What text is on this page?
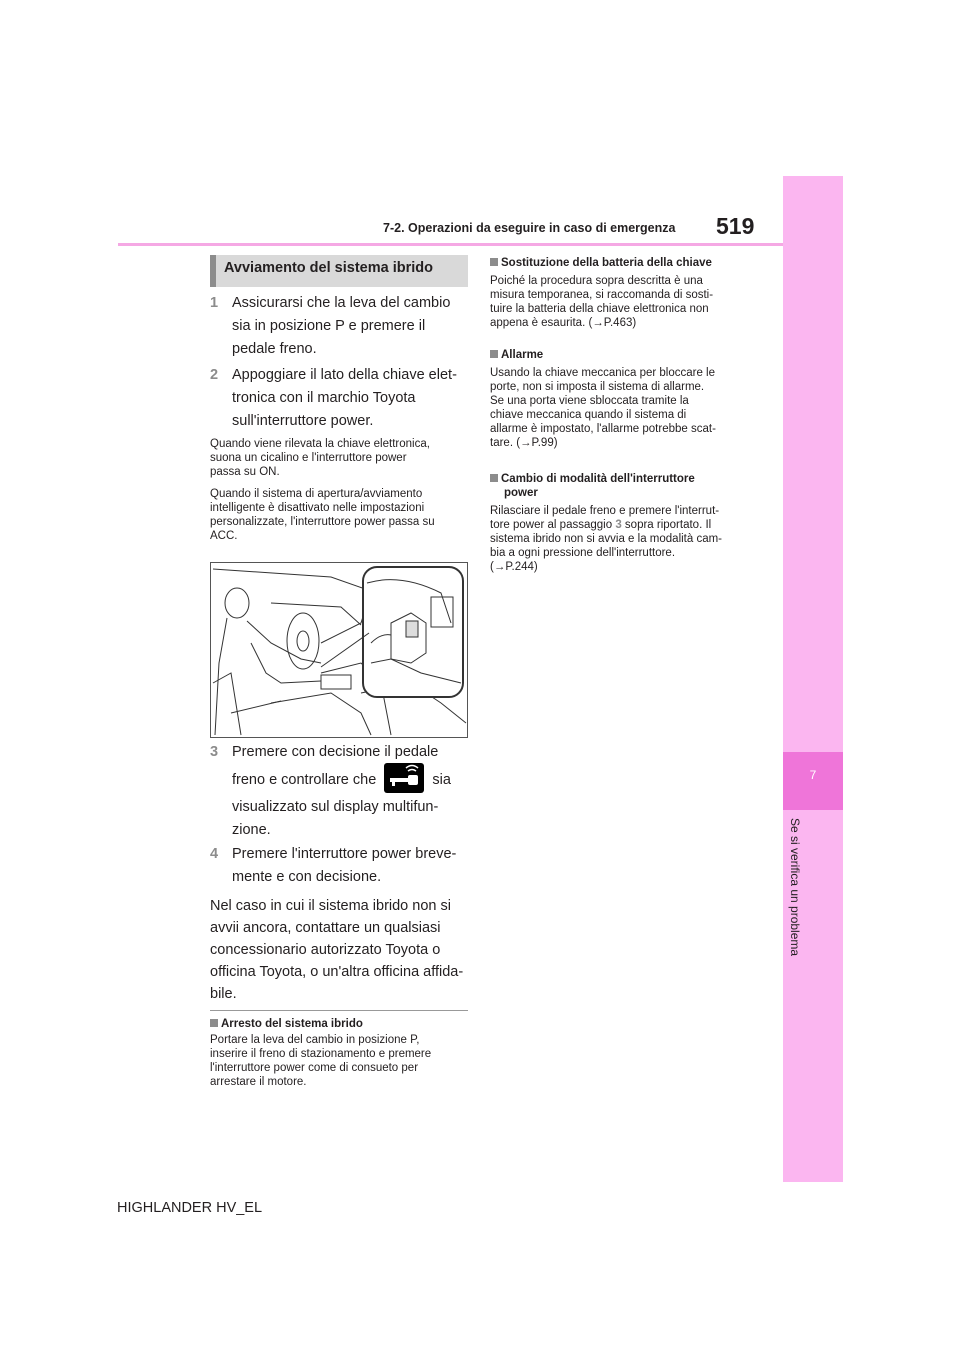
519
7-2. Operazioni da eseguire in caso di emergenza
7
Se si verifica un problema
Avviamento del sistema ibrido
1 Assicurarsi che la leva del cambio
sia in posizione P e premere il
pedale freno.
2 Appoggiare il lato della chiave elet-
tronica con il marchio Toyota
sull'interruttore power.
Quando viene rilevata la chiave elettronica,
suona un cicalino e l'interruttore power
passa su ON.
Quando il sistema di apertura/avviamento
intelligente è disattivato nelle impostazioni
personalizzate, l'interruttore power passa su
ACC.
3 Premere con decisione il pedale
freno e controllare che	sia
visualizzato sul display multifun-
zione.
4 Premere l'interruttore power breve-
mente e con decisione.
Nel caso in cui il sistema ibrido non si
avvii ancora, contattare un qualsiasi
concessionario autorizzato Toyota o
officina Toyota, o un'altra officina affida-
bile.
Arresto del sistema ibrido
Portare la leva del cambio in posizione P,
inserire il freno di stazionamento e premere
l'interruttore power come di consueto per
arrestare il motore.
Sostituzione della batteria della chiave
Poiché la procedura sopra descritta è una
misura temporanea, si raccomanda di sosti-
tuire la batteria della chiave elettronica non
appena è esaurita. (→P.463)
Allarme
Usando la chiave meccanica per bloccare le
porte, non si imposta il sistema di allarme.
Se una porta viene sbloccata tramite la
chiave meccanica quando il sistema di
allarme è impostato, l'allarme potrebbe scat-
tare. (→P.99)
Cambio di modalità dell'interruttore
power
Rilasciare il pedale freno e premere l'interrut-
tore power al passaggio 3 sopra riportato. Il
sistema ibrido non si avvia e la modalità cam-
bia a ogni pressione dell'interruttore.
(→P.244)
HIGHLANDER HV_EL
